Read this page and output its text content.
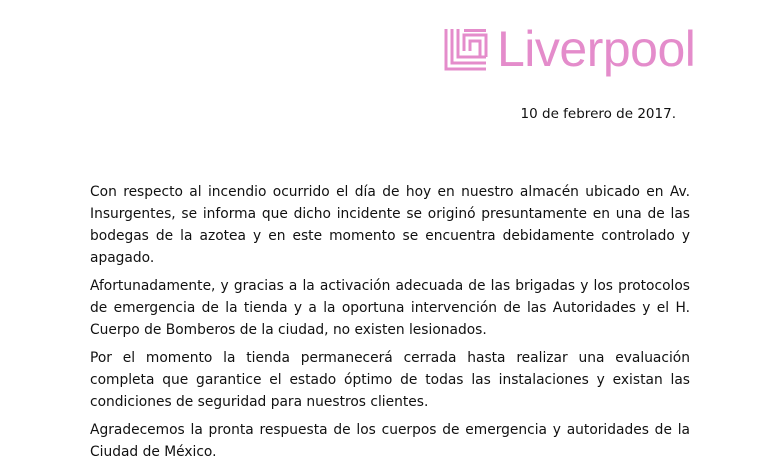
Liverpool
10 de febrero de 2017.
Con respecto al incendio ocurrido el día de hoy en nuestro almacén ubicado en Av.
Insurgentes, se informa que dicho incidente se originó presuntamente en una de las
bodegas de la azotea y en este momento se encuentra debidamente controlado y
apagado.
Afortunadamente, y gracias a la activación adecuada de las brigadas y los protocolos
de emergencia de la tienda y a la oportuna intervención de las Autoridades y el H.
Cuerpo de Bomberos de la ciudad, no existen lesionados.
Por el momento la tienda permanecerá cerrada hasta realizar una evaluación
completa que garantice el estado óptimo de todas las instalaciones y existan las
condiciones de seguridad para nuestros clientes.
Agradecemos la pronta respuesta de los cuerpos de emergencia y autoridades de la
Ciudad de México.
